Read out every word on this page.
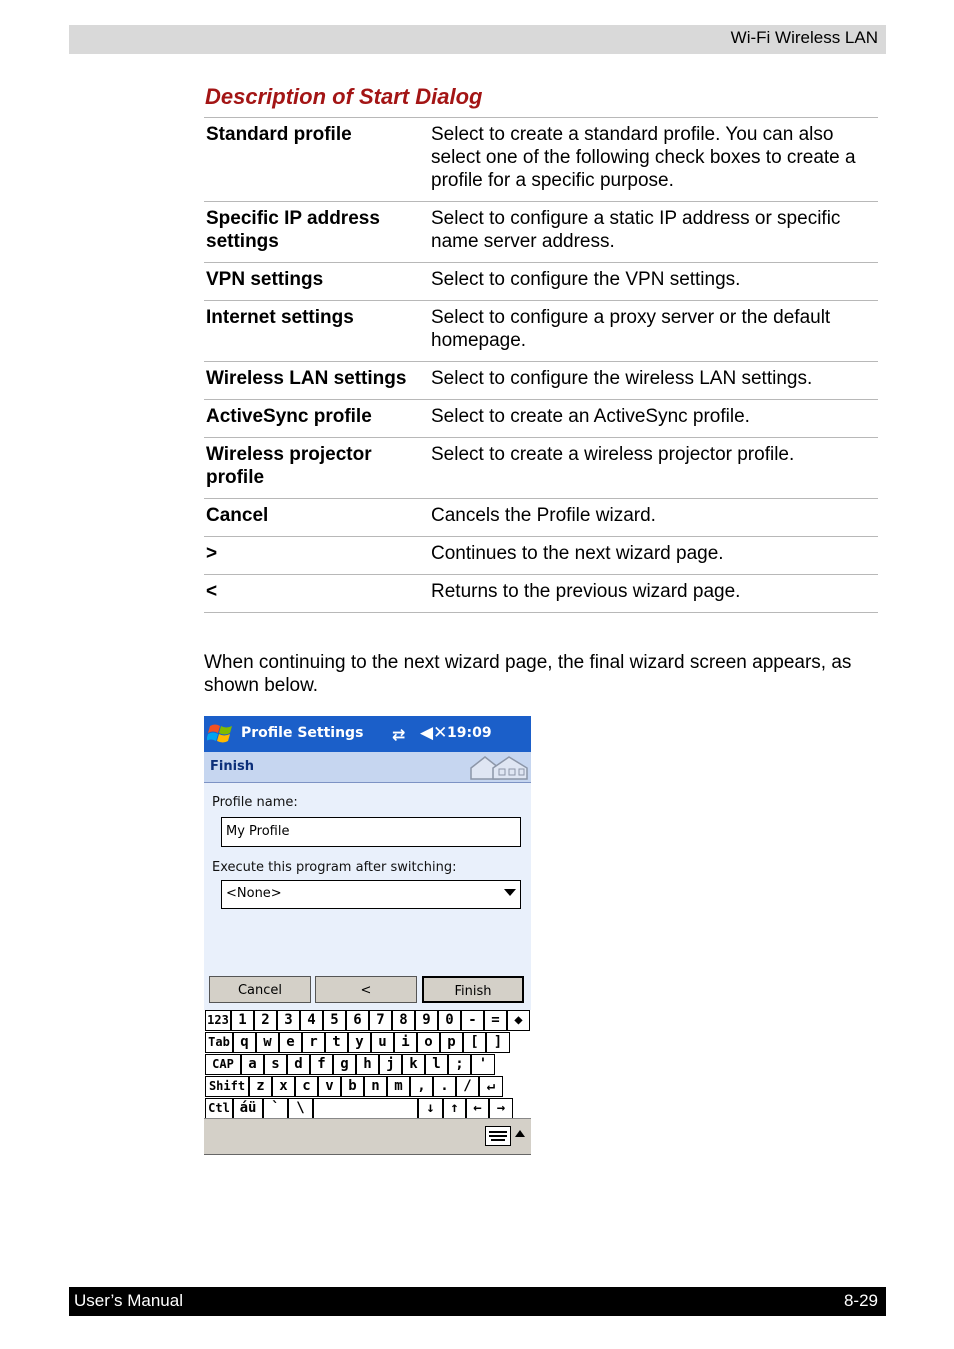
Wi-Fi Wireless LAN
Description of Start Dialog
Standard profile	Select to create a standard profile. You can also select one of the following check boxes to create a profile for a specific purpose.
Specific IP address settings	Select to configure a static IP address or specific name server address.
VPN settings	Select to configure the VPN settings.
Internet settings	Select to configure a proxy server or the default homepage.
Wireless LAN settings	Select to configure the wireless LAN settings.
ActiveSync profile	Select to create an ActiveSync profile.
Wireless projector profile	Select to create a wireless projector profile.
Cancel	Cancels the Profile wizard.
>	Continues to the next wizard page.
<	Returns to the previous wizard page.
When continuing to the next wizard page, the final wizard screen appears, as shown below.
Profile Settings ⇄ ◀✕ 19:09
Finish
Profile name:
My Profile
Execute this program after switching:
<None>
Cancel	<	Finish
123 1	2	3	4	5	6	7	8	9	0	-	=	◆
Tab q	w	e	r	t	y	u	i	o	p	[	]
CAP	a	s	d	f	g	h	j	k	l	;	'
Shift z	x	c	v	b	n	m	,	.	/	↵
Ctl áü	`	\	↓	↑	←	→
User’s Manual	8-29
